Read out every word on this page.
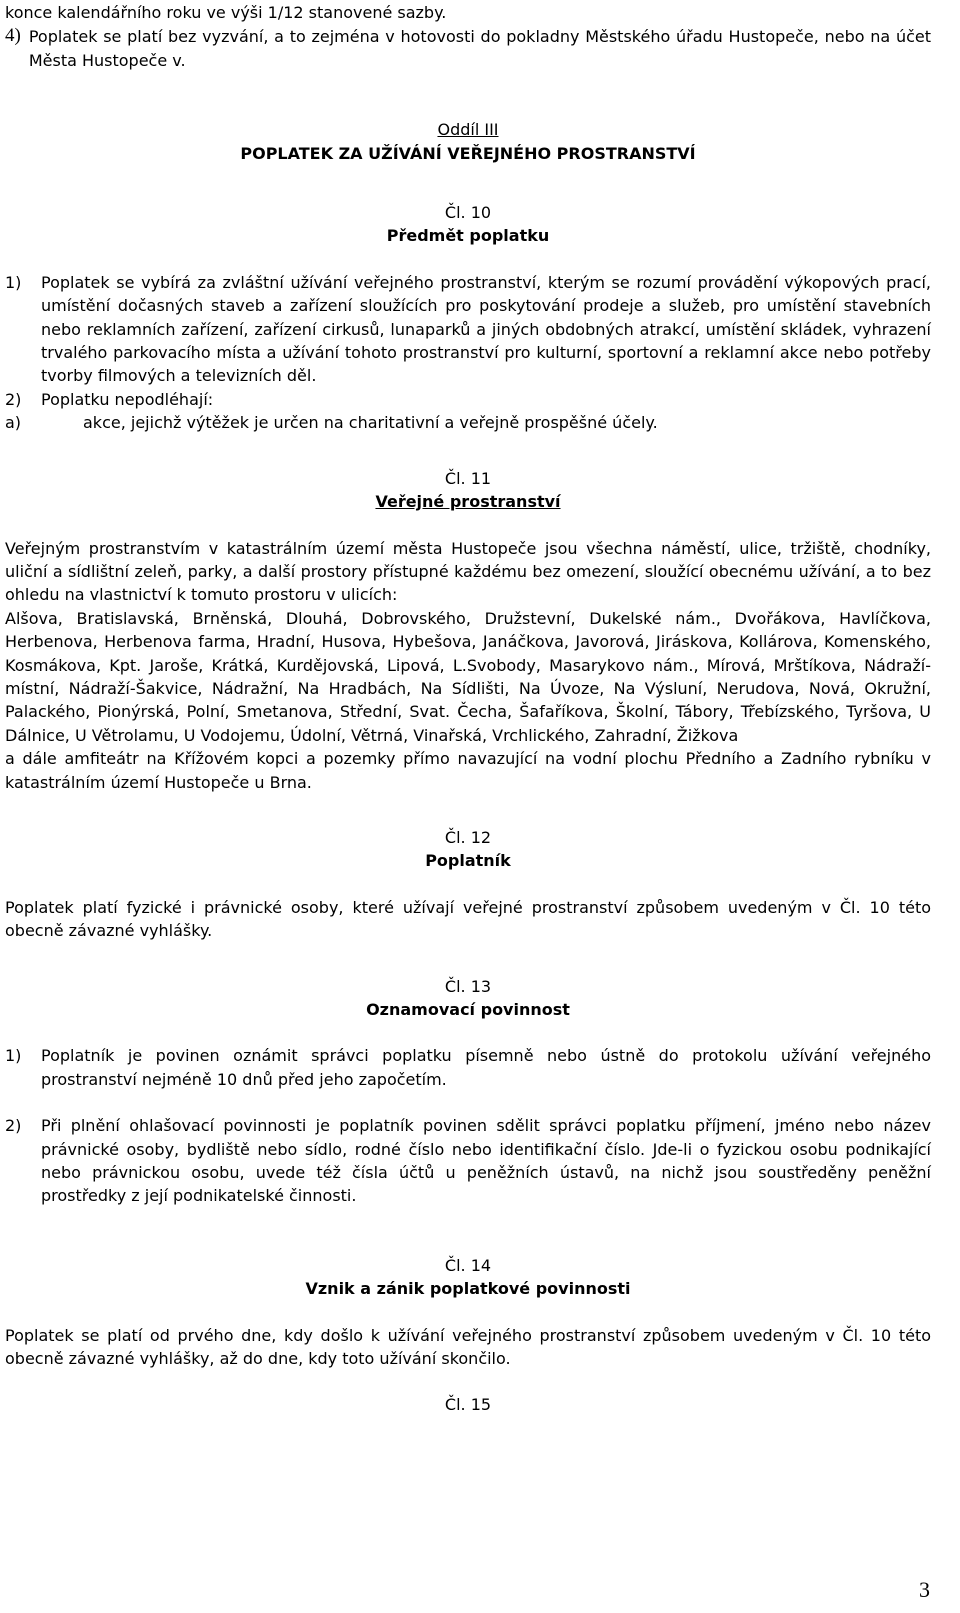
konce kalendářního roku ve výši 1/12 stanovené sazby.

4) Poplatek se platí bez vyzvání, a to zejména v hotovosti do pokladny Městského úřadu Hustopeče, nebo na účet Města Hustopeče v.

Oddíl III

POPLATEK ZA UŽÍVÁNÍ VEŘEJNÉHO PROSTRANSTVÍ

Čl. 10

Předmět poplatku

1)	Poplatek se vybírá za zvláštní užívání veřejného prostranství, kterým se rozumí provádění výkopových prací, umístění dočasných staveb a zařízení sloužících pro poskytování prodeje a služeb, pro umístění stavebních nebo reklamních zařízení, zařízení cirkusů, lunaparků a jiných obdobných atrakcí, umístění skládek, vyhrazení trvalého parkovacího místa a užívání tohoto prostranství pro kulturní, sportovní a reklamní akce nebo potřeby tvorby filmových a televizních děl.
2)	Poplatku nepodléhají:
a)	akce, jejichž výtěžek je určen na charitativní a veřejně prospěšné účely.

Čl. 11

Veřejné prostranství

Veřejným prostranstvím v katastrálním území města Hustopeče jsou všechna náměstí, ulice, tržiště, chodníky, uliční a sídlištní zeleň, parky, a další prostory přístupné každému bez omezení, sloužící obecnému užívání, a to bez ohledu na vlastnictví k tomuto prostoru v ulicích:

Alšova, Bratislavská, Brněnská, Dlouhá, Dobrovského, Družstevní, Dukelské nám., Dvořákova, Havlíčkova, Herbenova, Herbenova farma, Hradní, Husova, Hybešova, Janáčkova, Javorová, Jiráskova, Kollárova, Komenského, Kosmákova, Kpt. Jaroše, Krátká, Kurdějovská, Lipová, L.Svobody, Masarykovo nám., Mírová, Mrštíkova, Nádraží-místní, Nádraží-Šakvice, Nádražní, Na Hradbách, Na Sídlišti, Na Úvoze, Na Výsluní, Nerudova, Nová, Okružní, Palackého, Pionýrská, Polní, Smetanova, Střední, Svat. Čecha, Šafaříkova, Školní, Tábory, Třebízského, Tyršova, U Dálnice, U Větrolamu, U Vodojemu, Údolní, Větrná, Vinařská, Vrchlického, Zahradní, Žižkova

a dále amfiteátr na Křížovém kopci a pozemky přímo navazující na vodní plochu Předního a Zadního rybníku v katastrálním území Hustopeče u Brna.

Čl. 12

Poplatník

Poplatek platí fyzické i právnické osoby, které užívají veřejné prostranství způsobem uvedeným v Čl. 10 této obecně závazné vyhlášky.

Čl. 13

Oznamovací povinnost

1)	Poplatník je povinen oznámit správci poplatku písemně nebo ústně do protokolu užívání veřejného prostranství nejméně 10 dnů před jeho započetím.
2)	Při plnění ohlašovací povinnosti je poplatník povinen sdělit správci poplatku příjmení, jméno nebo název právnické osoby, bydliště nebo sídlo, rodné číslo nebo identifikační číslo. Jde-li o fyzickou osobu podnikající nebo právnickou osobu, uvede též čísla účtů u peněžních ústavů, na nichž jsou soustředěny peněžní prostředky z její podnikatelské činnosti.

Čl. 14

Vznik a zánik poplatkové povinnosti

Poplatek se platí od prvého dne, kdy došlo k užívání veřejného prostranství způsobem uvedeným v Čl. 10 této obecně závazné vyhlášky, až do dne, kdy toto užívání skončilo.

Čl. 15

3
